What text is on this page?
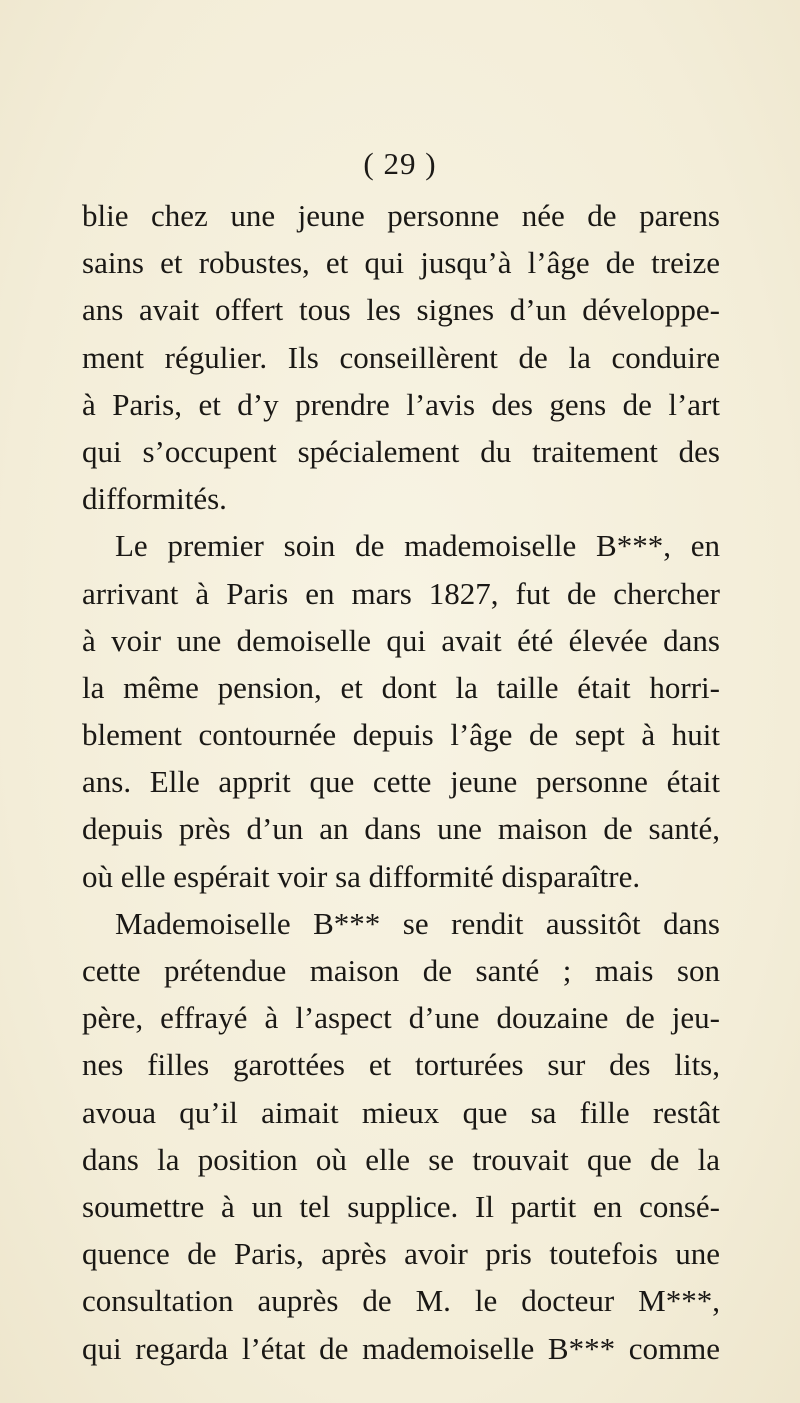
( 29 )
blie chez une jeune personne née de parens
sains et robustes, et qui jusqu’à l’âge de treize
ans avait offert tous les signes d’un développe-
ment régulier. Ils conseillèrent de la conduire
à Paris, et d’y prendre l’avis des gens de l’art
qui s’occupent spécialement du traitement des
difformités.
Le premier soin de mademoiselle B***, en
arrivant à Paris en mars 1827, fut de chercher
à voir une demoiselle qui avait été élevée dans
la même pension, et dont la taille était horri-
blement contournée depuis l’âge de sept à huit
ans. Elle apprit que cette jeune personne était
depuis près d’un an dans une maison de santé,
où elle espérait voir sa difformité disparaître.
Mademoiselle B*** se rendit aussitôt dans
cette prétendue maison de santé ; mais son
père, effrayé à l’aspect d’une douzaine de jeu-
nes filles garottées et torturées sur des lits,
avoua qu’il aimait mieux que sa fille restât
dans la position où elle se trouvait que de la
soumettre à un tel supplice. Il partit en consé-
quence de Paris, après avoir pris toutefois une
consultation auprès de M. le docteur M***,
qui regarda l’état de mademoiselle B*** comme
